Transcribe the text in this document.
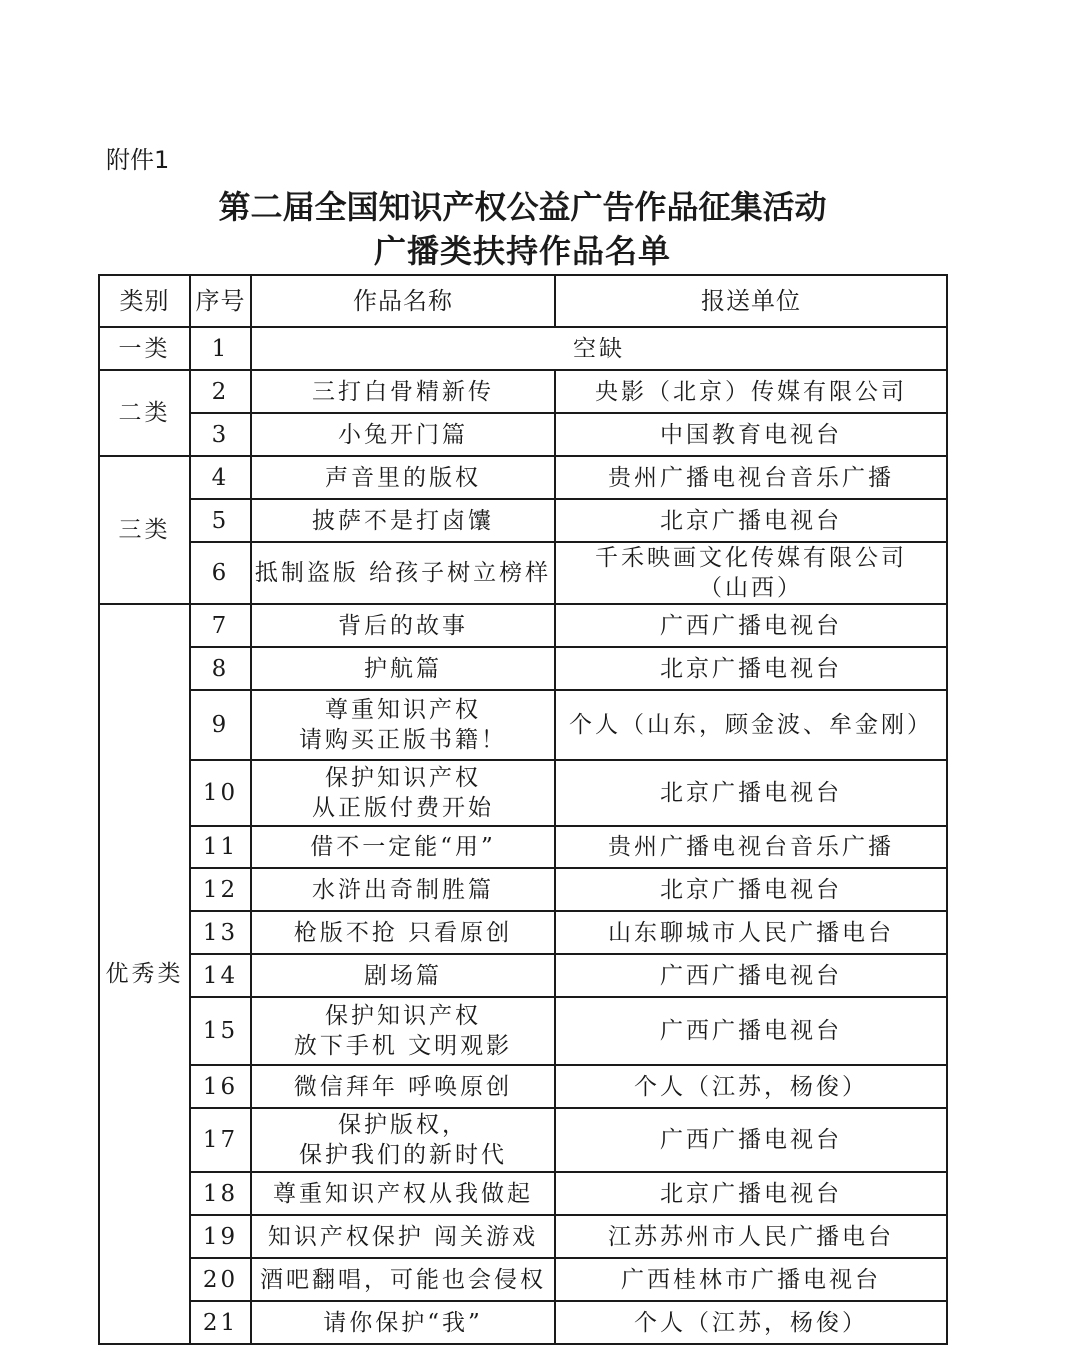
附件1
第二届全国知识产权公益广告作品征集活动
广播类扶持作品名单
类别	序号	作品名称	报送单位
一类	1	空缺	
二类	2	三打白骨精新传	央影（北京）传媒有限公司

	3	小兔开门篇	中国教育电视台

三类	4	声音里的版权	贵州广播电视台音乐广播

	5	披萨不是打卤馕	北京广播电视台

	6	抵制盗版 给孩子树立榜样	千禾映画文化传媒有限公司
（山西）

优秀类	7	背后的故事	广西广播电视台

	8	护航篇	北京广播电视台

	9	尊重知识产权
请购买正版书籍！	个人（山东，顾金波、牟金刚）

	10	保护知识产权
从正版付费开始	北京广播电视台

	11	借不一定能“用”	贵州广播电视台音乐广播

	12	水浒出奇制胜篇	北京广播电视台

	13	枪版不抢 只看原创	山东聊城市人民广播电台

	14	剧场篇	广西广播电视台

	15	保护知识产权
放下手机 文明观影	广西广播电视台

	16	微信拜年 呼唤原创	个人（江苏，杨俊）

	17	保护版权，
保护我们的新时代	广西广播电视台

	18	尊重知识产权从我做起	北京广播电视台

	19	知识产权保护 闯关游戏	江苏苏州市人民广播电台

	20	酒吧翻唱，可能也会侵权	广西桂林市广播电视台

	21	请你保护“我”	个人（江苏，杨俊）
